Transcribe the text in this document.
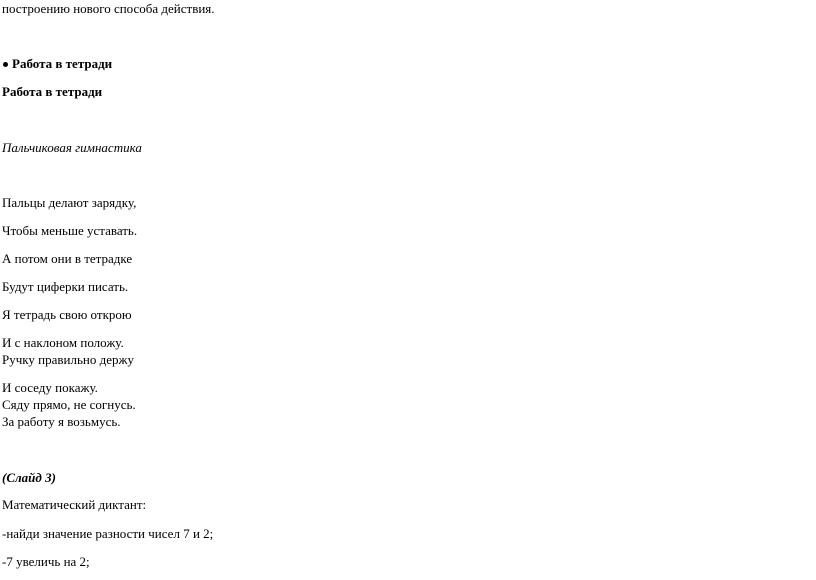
построению нового способа действия.
Работа в тетради
Работа в тетради
Пальчиковая гимнастика
Пальцы делают зарядку,
Чтобы меньше уставать.
А потом они в тетрадке
Будут циферки писать.
Я тетрадь свою открою
И с наклоном положу.
Ручку правильно держу
И соседу покажу.
Сяду прямо, не согнусь.
За работу я возьмусь.
(Слайд 3)
Математический диктант:
-найди значение разности чисел 7 и 2;
-7 увеличь на 2;
